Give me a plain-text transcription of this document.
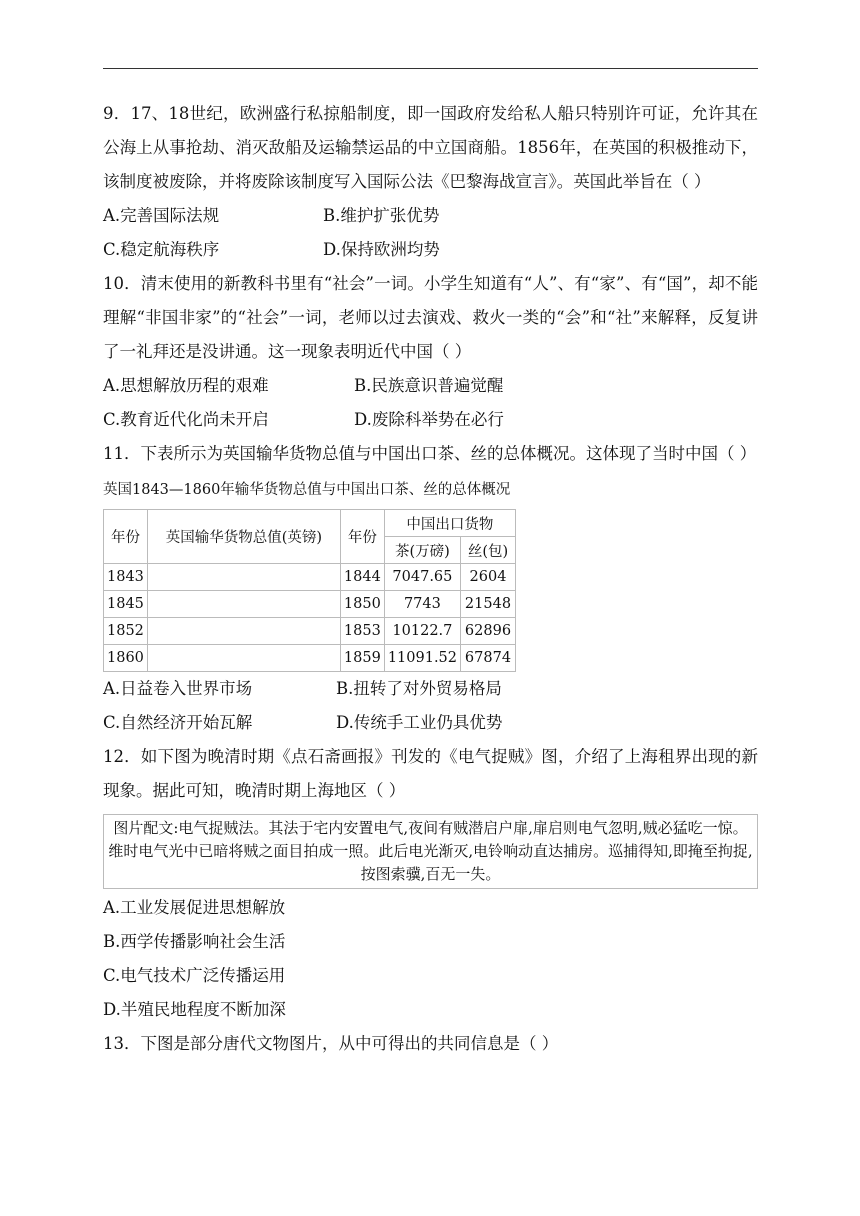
9．17、18世纪，欧洲盛行私掠船制度，即一国政府发给私人船只特别许可证，允许其在公海上从事抢劫、消灭敌船及运输禁运品的中立国商船。1856年，在英国的积极推动下，该制度被废除，并将废除该制度写入国际公法《巴黎海战宣言》。英国此举旨在（ ）

A.完善国际法规	B.维护扩张优势
C.稳定航海秩序	D.保持欧洲均势

10．清末使用的新教科书里有“社会”一词。小学生知道有“人”、有“家”、有“国”，却不能理解“非国非家”的“社会”一词，老师以过去演戏、救火一类的“会”和“社”来解释，反复讲了一礼拜还是没讲通。这一现象表明近代中国（ ）

A.思想解放历程的艰难	B.民族意识普遍觉醒
C.教育近代化尚未开启	D.废除科举势在必行

11．下表所示为英国输华货物总值与中国出口茶、丝的总体概况。这体现了当时中国（ ）

英国1843—1860年输华货物总值与中国出口茶、丝的总体概况
年份	英国输华货物总值(英镑)	年份	中国出口货物	
			茶(万磅)	丝(包)
1843		1844	7047.65	2604
1845		1850	7743	21548
1852		1853	10122.7	62896
1860		1859	11091.52	67874
A.日益卷入世界市场	B.扭转了对外贸易格局
C.自然经济开始瓦解	D.传统手工业仍具优势

12．如下图为晚清时期《点石斋画报》刊发的《电气捉贼》图，介绍了上海租界出现的新现象。据此可知，晚清时期上海地区（ ）

图片配文:电气捉贼法。其法于宅内安置电气,夜间有贼潜启户扉,扉启则电气忽明,贼必猛吃一惊。维时电气光中已暗将贼之面目拍成一照。此后电光渐灭,电铃响动直达捕房。巡捕得知,即掩至拘捉,按图索骥,百无一失。
A.工业发展促进思想解放
B.西学传播影响社会生活
C.电气技术广泛传播运用
D.半殖民地程度不断加深

13．下图是部分唐代文物图片，从中可得出的共同信息是（ ）
